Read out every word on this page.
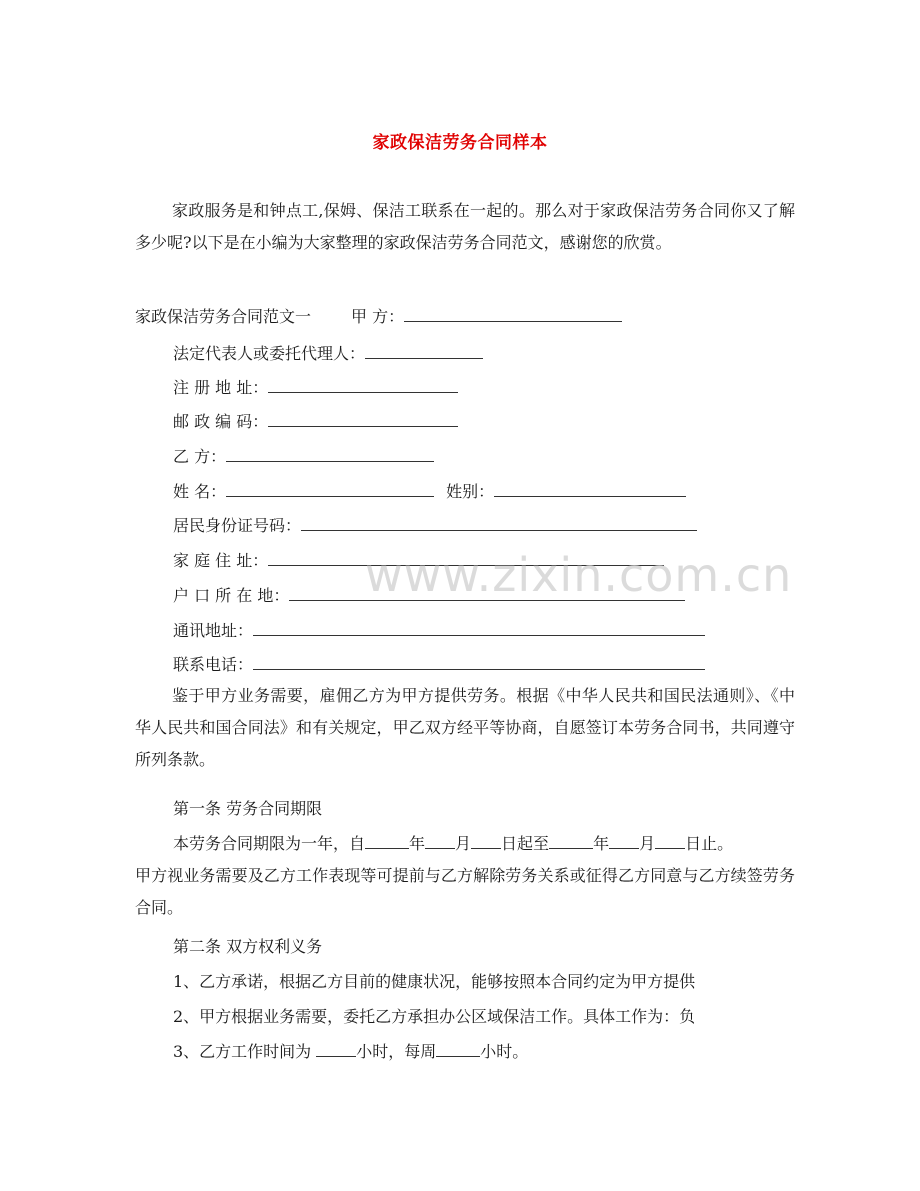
家政保洁劳务合同样本

家政服务是和钟点工,保姆、保洁工联系在一起的。那么对于家政保洁劳务合同你又了解多少呢?以下是在小编为大家整理的家政保洁劳务合同范文，感谢您的欣赏。

家政保洁劳务合同范文一	甲 方：
法定代表人或委托代理人：
注 册 地 址：
邮 政 编 码：
乙 方：
姓 名：	姓别：
居民身份证号码：
家 庭 住 址：
户 口 所 在 地：
通讯地址：
联系电话：

鉴于甲方业务需要，雇佣乙方为甲方提供劳务。根据《中华人民共和国民法通则》、《中华人民共和国合同法》和有关规定，甲乙双方经平等协商，自愿签订本劳务合同书，共同遵守所列条款。

第一条 劳务合同期限
本劳务合同期限为一年，自	年 月 日起至	年 月 日止。

甲方视业务需要及乙方工作表现等可提前与乙方解除劳务关系或征得乙方同意与乙方续签劳务合同。

第二条 双方权利义务
1、乙方承诺，根据乙方目前的健康状况，能够按照本合同约定为甲方提供
2、甲方根据业务需要，委托乙方承担办公区域保洁工作。具体工作为：负
3、乙方工作时间为	小时，每周	小时。
www.zixin.com.cn
